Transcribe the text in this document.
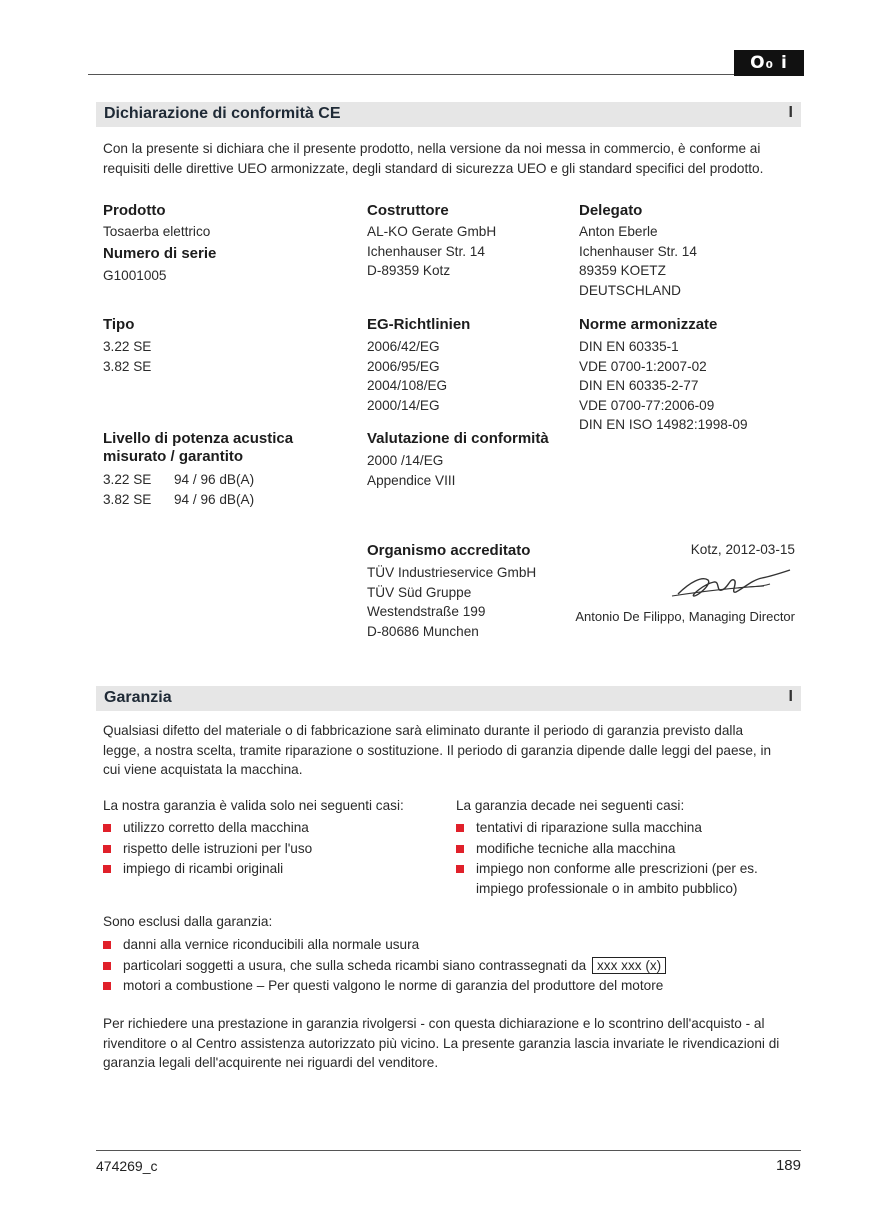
O₀ i
Dichiarazione di conformità CE	I
Con la presente si dichiara che il presente prodotto, nella versione da noi messa in commercio, è conforme ai requisiti delle direttive UEO armonizzate, degli standard di sicurezza UEO e gli standard specifici del prodotto.
Prodotto
Tosaerba elettrico
Numero di serie
G1001005
Tipo
3.22 SE
3.82 SE
Livello di potenza acustica
misurato / garantito
3.22 SE 94 / 96 dB(A)
3.82 SE 94 / 96 dB(A)
Costruttore
AL-KO Gerate GmbH
Ichenhauser Str. 14
D-89359 Kotz
EG-Richtlinien
2006/42/EG
2006/95/EG
2004/108/EG
2000/14/EG
Valutazione di conformità
2000 /14/EG
Appendice VIII
Organismo accreditato
TÜV Industrieservice GmbH
TÜV Süd Gruppe
Westendstraße 199
D-80686 Munchen
Delegato
Anton Eberle
Ichenhauser Str. 14
89359 KOETZ
DEUTSCHLAND
Norme armonizzate
DIN EN 60335-1
VDE 0700-1:2007-02
DIN EN 60335-2-77
VDE 0700-77:2006-09
DIN EN ISO 14982:1998-09
Kotz, 2012-03-15
Antonio De Filippo, Managing Director
Garanzia	I
Qualsiasi difetto del materiale o di fabbricazione sarà eliminato durante il periodo di garanzia previsto dalla legge, a nostra scelta, tramite riparazione o sostituzione. Il periodo di garanzia dipende dalle leggi del paese, in cui viene acquistata la macchina.
La nostra garanzia è valida solo nei seguenti casi:
utilizzo corretto della macchina
rispetto delle istruzioni per l'uso
impiego di ricambi originali
La garanzia decade nei seguenti casi:
tentativi di riparazione sulla macchina
modifiche tecniche alla macchina
impiego non conforme alle prescrizioni (per es. impiego professionale o in ambito pubblico)
Sono esclusi dalla garanzia:
danni alla vernice riconducibili alla normale usura
particolari soggetti a usura, che sulla scheda ricambi siano contrassegnati da xxx xxx (x)
motori a combustione – Per questi valgono le norme di garanzia del produttore del motore
Per richiedere una prestazione in garanzia rivolgersi - con questa dichiarazione e lo scontrino dell'acquisto - al rivenditore o al Centro assistenza autorizzato più vicino. La presente garanzia lascia invariate le rivendicazioni di garanzia legali dell'acquirente nei riguardi del venditore.
474269_c	189
